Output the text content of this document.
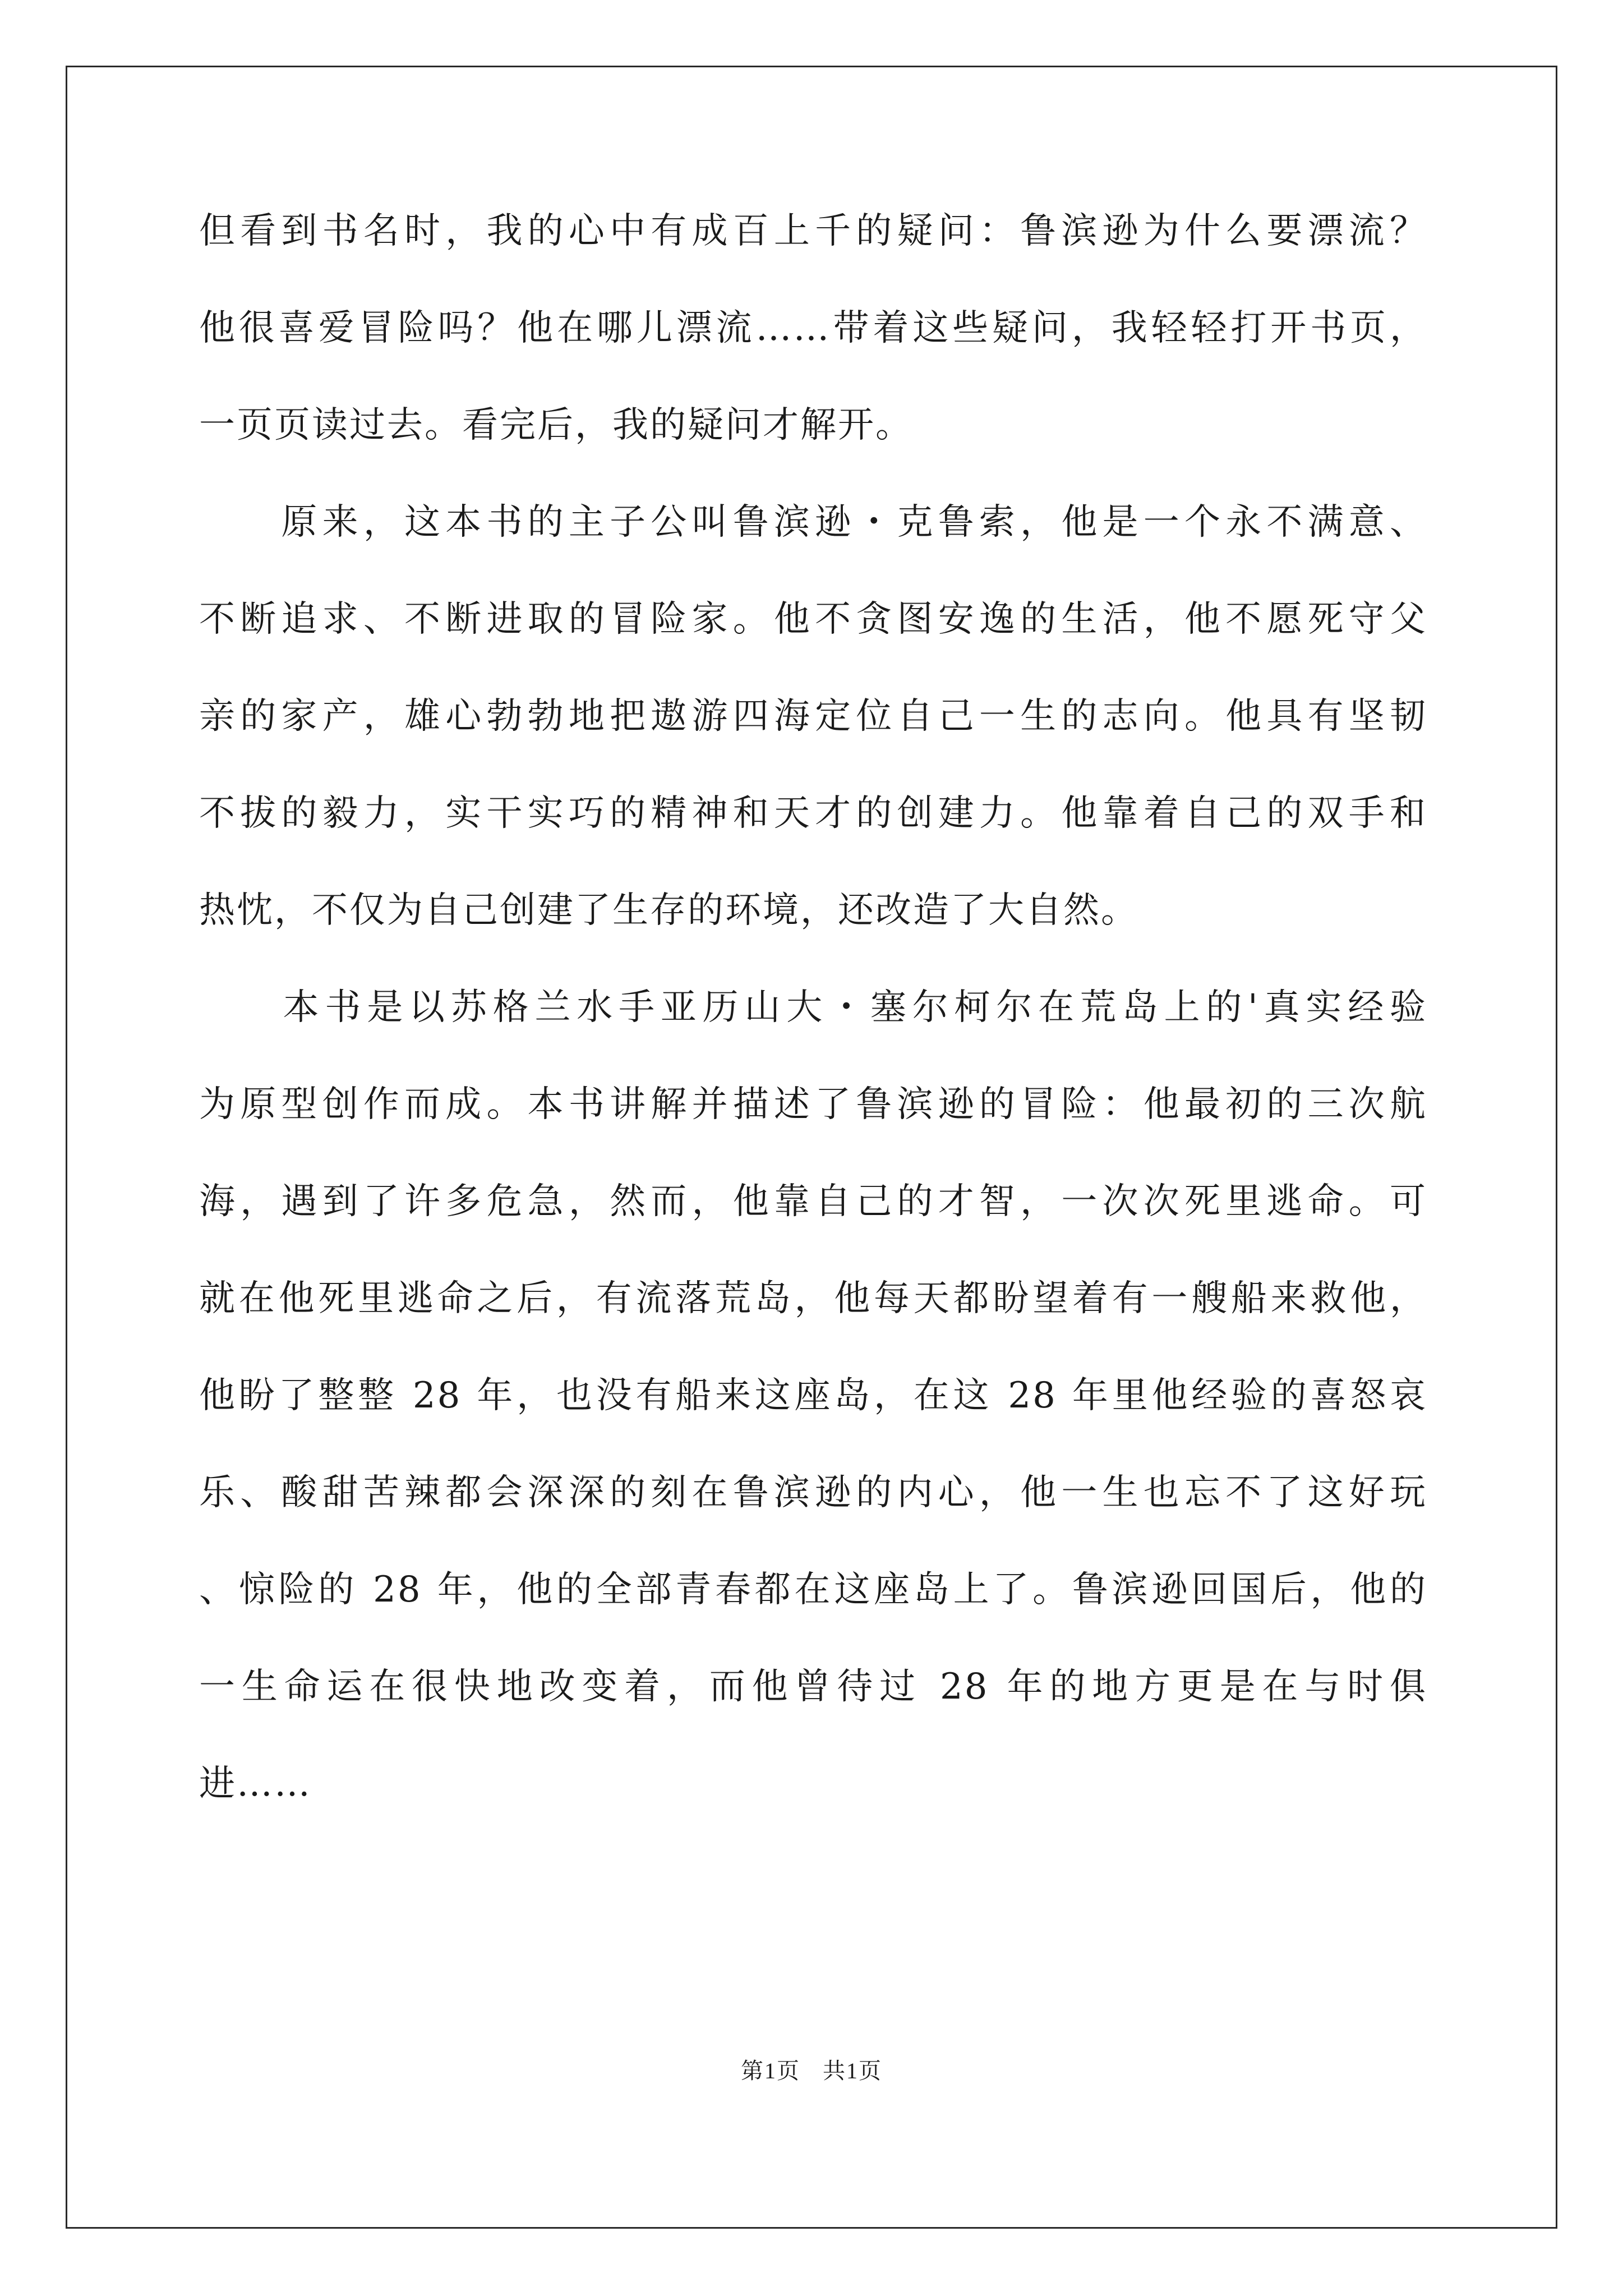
但看到书名时，我的心中有成百上千的疑问：鲁滨逊为什么要漂流？
他很喜爱冒险吗？他在哪儿漂流……带着这些疑问，我轻轻打开书页，
一页页读过去。看完后，我的疑问才解开。
　　原来，这本书的主子公叫鲁滨逊・克鲁索，他是一个永不满意、
不断追求、不断进取的冒险家。他不贪图安逸的生活，他不愿死守父
亲的家产，雄心勃勃地把遨游四海定位自己一生的志向。他具有坚韧
不拔的毅力，实干实巧的精神和天才的创建力。他靠着自己的双手和
热忱，不仅为自己创建了生存的环境，还改造了大自然。
　　本书是以苏格兰水手亚历山大・塞尔柯尔在荒岛上的'真实经验
为原型创作而成。本书讲解并描述了鲁滨逊的冒险：他最初的三次航
海，遇到了许多危急，然而，他靠自己的才智，一次次死里逃命。可
就在他死里逃命之后，有流落荒岛，他每天都盼望着有一艘船来救他，
他盼了整整 28 年，也没有船来这座岛，在这 28 年里他经验的喜怒哀
乐、酸甜苦辣都会深深的刻在鲁滨逊的内心，他一生也忘不了这好玩
、惊险的 28 年，他的全部青春都在这座岛上了。鲁滨逊回国后，他的
一生命运在很快地改变着，而他曾待过 28 年的地方更是在与时俱
进……
第1页 共1页
